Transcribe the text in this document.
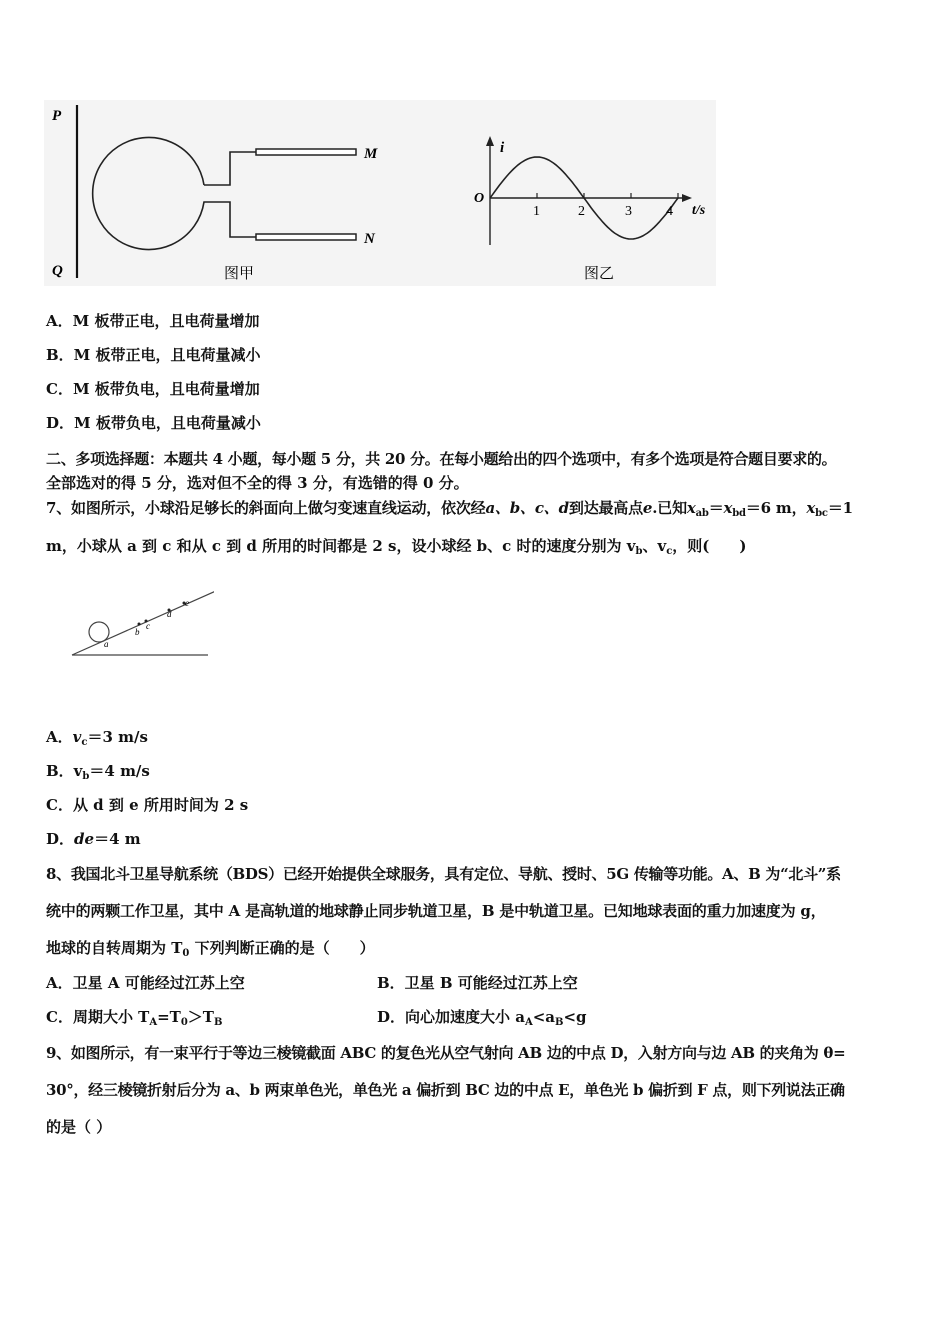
P
Q
M
N
图甲
i
O
t/s
1	2	3 4
图乙
A．M 板带正电，且电荷量增加
B．M 板带正电，且电荷量减小
C．M 板带负电，且电荷量增加
D．M 板带负电，且电荷量减小
二、多项选择题：本题共 4 小题，每小题 5 分，共 20 分。在每小题给出的四个选项中，有多个选项是符合题目要求的。
全部选对的得 5 分，选对但不全的得 3 分，有选错的得 0 分。
7、如图所示，小球沿足够长的斜面向上做匀变速直线运动，依次经a、b、c、d到达最高点e.已知$x_{ab}=x_{bd}=6$ m，$x_{bc}=1$
m，小球从 a 到 c 和从 c 到 d 所用的时间都是 2 s，设小球经 b、c 时的速度分别为 $v_b$、$v_c$，则(　　)
a
b
c
d
e
A．$v_c=3$ m/s
B．$v_b=4$ m/s
C．从 d 到 e 所用时间为 2 s
D．de＝4 m
8、我国北斗卫星导航系统（BDS）已经开始提供全球服务，具有定位、导航、授时、5G 传输等功能。A、B 为“北斗”系
统中的两颗工作卫星，其中 A 是高轨道的地球静止同步轨道卫星，B 是中轨道卫星。已知地球表面的重力加速度为 g，
地球的自转周期为 $T_0$ 下列判断正确的是（　　）
A．卫星 A 可能经过江苏上空	B．卫星 B 可能经过江苏上空
C．周期大小 $T_A=T_0>T_B$	D．向心加速度大小 $a_A<a_B<g$
9、如图所示，有一束平行于等边三棱镜截面 ABC 的复色光从空气射向 AB 边的中点 D，入射方向与边 AB 的夹角为 θ=
30°，经三棱镜折射后分为 a、b 两束单色光，单色光 a 偏折到 BC 边的中点 E，单色光 b 偏折到 F 点，则下列说法正确
的是（ ）
